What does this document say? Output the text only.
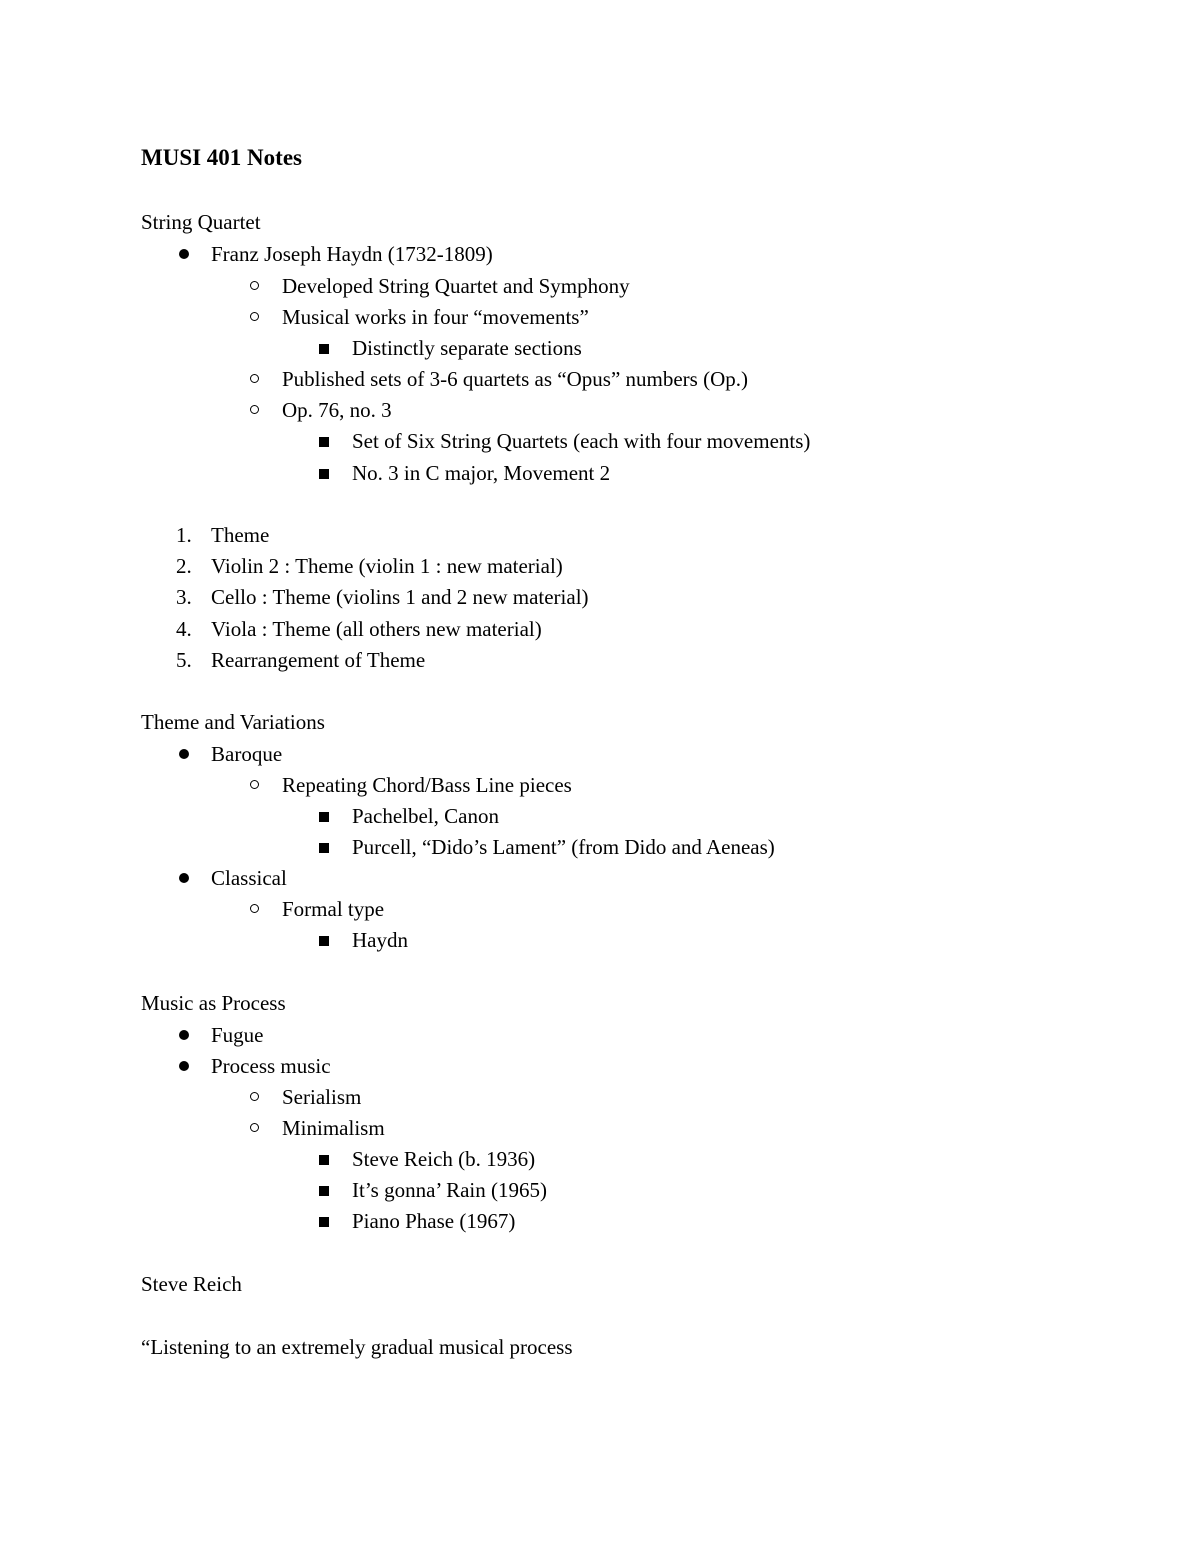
MUSI 401 Notes
String Quartet
Franz Joseph Haydn (1732-1809)
Developed String Quartet and Symphony
Musical works in four “movements”
Distinctly separate sections
Published sets of 3-6 quartets as “Opus” numbers (Op.)
Op. 76, no. 3
Set of Six String Quartets (each with four movements)
No. 3 in C major, Movement 2
1. Theme
2. Violin 2 : Theme (violin 1 : new material)
3. Cello : Theme (violins 1 and 2 new material)
4. Viola : Theme (all others new material)
5. Rearrangement of Theme
Theme and Variations
Baroque
Repeating Chord/Bass Line pieces
Pachelbel, Canon
Purcell, “Dido’s Lament” (from Dido and Aeneas)
Classical
Formal type
Haydn
Music as Process
Fugue
Process music
Serialism
Minimalism
Steve Reich (b. 1936)
It’s gonna’ Rain (1965)
Piano Phase (1967)
Steve Reich
“Listening to an extremely gradual musical process
